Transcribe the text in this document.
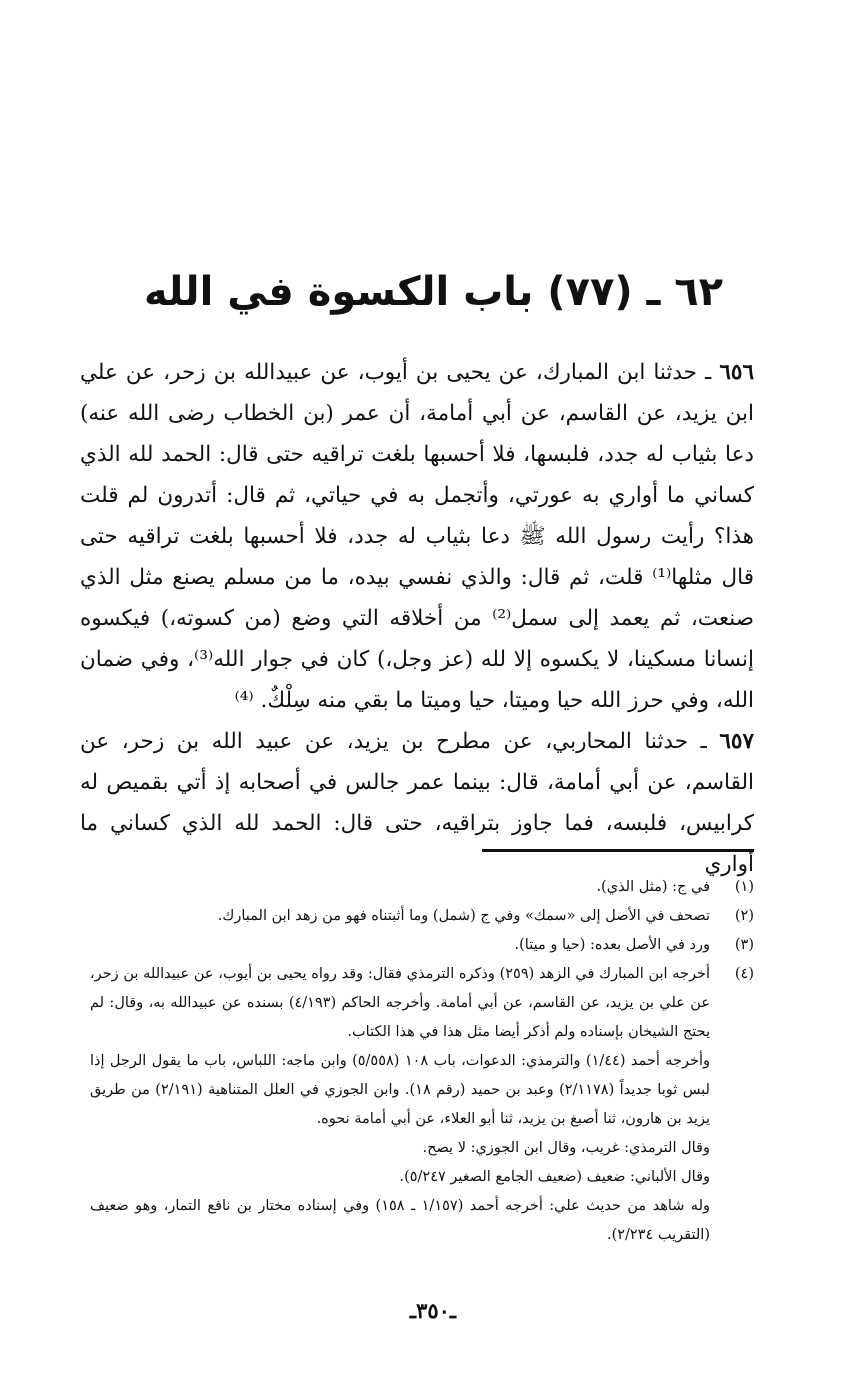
٦٢ ـ (٧٧) باب الكسوة في الله

٦٥٦ ـ حدثنا ابن المبارك، عن يحيى بن أيوب، عن عبيدالله بن زحر، عن علي ابن يزيد، عن القاسم، عن أبي أمامة، أن عمر (بن الخطاب رضى الله عنه) دعا بثياب له جدد، فلبسها، فلا أحسبها بلغت تراقيه حتى قال: الحمد لله الذي كساني ما أواري به عورتي، وأتجمل به في حياتي، ثم قال: أتدرون لم قلت هذا؟ رأيت رسول الله ﷺ دعا بثياب له جدد، فلا أحسبها بلغت تراقيه حتى قال مثلها⁽¹⁾ قلت، ثم قال: والذي نفسي بيده، ما من مسلم يصنع مثل الذي صنعت، ثم يعمد إلى سمل⁽²⁾ من أخلاقه التي وضع (من كسوته،) فيكسوه إنسانا مسكينا، لا يكسوه إلا لله (عز وجل،) كان في جوار الله⁽³⁾، وفي ضمان الله، وفي حرز الله حيا وميتا، حيا وميتا ما بقي منه سِلْكٌ. ⁽⁴⁾

٦٥٧ ـ حدثنا المحاربي، عن مطرح بن يزيد، عن عبيد الله بن زحر، عن القاسم، عن أبي أمامة، قال: بينما عمر جالس في أصحابه إذ أتي بقميص له كرابيس، فلبسه، فما جاوز بتراقيه، حتى قال: الحمد لله الذي كساني ما أواري

(١)

في ج: (مثل الذي).

(٢)

تصحف في الأصل إلى «سمك» وفي ج (شمل) وما أثبتناه فهو من زهد ابن المبارك.

(٣)

ورد في الأصل بعده: (حيا و ميتا).

(٤)

أخرجه ابن المبارك في الزهد (٢٥٩) وذكره الترمذي فقال: وقد رواه يحيى بن أيوب، عن عبيدالله بن زحر، عن علي بن يزيد، عن القاسم، عن أبي أمامة. وأخرجه الحاكم (٤/١٩٣) بسنده عن عبيدالله به، وقال: لم يحتج الشيخان بإسناده ولم أذكر أيضا مثل هذا في هذا الكتاب.

وأخرجه أحمد (١/٤٤) والترمذي: الدعوات، باب ١٠٨ (٥/٥٥٨) وابن ماجه: اللباس، باب ما يقول الرجل إذا لبس ثوبا جديداً (٢/١١٧٨) وعبد بن حميد (رقم ١٨). وابن الجوزي في العلل المتناهية (٢/١٩١) من طريق يزيد بن هارون، ثنا أصبغ بن يزيد، ثنا أبو العلاء، عن أبي أمامة نحوه.

وقال الترمذي: غريب، وقال ابن الجوزي: لا يصح.

وقال الألباني: ضعيف (ضعيف الجامع الصغير ٥/٢٤٧).

وله شاهد من حديث علي: أخرجه أحمد (١/١٥٧ ـ ١٥٨) وفي إسناده مختار بن نافع التمار، وهو ضعيف (التقريب ٢/٢٣٤).

ـ٣٥٠ـ
